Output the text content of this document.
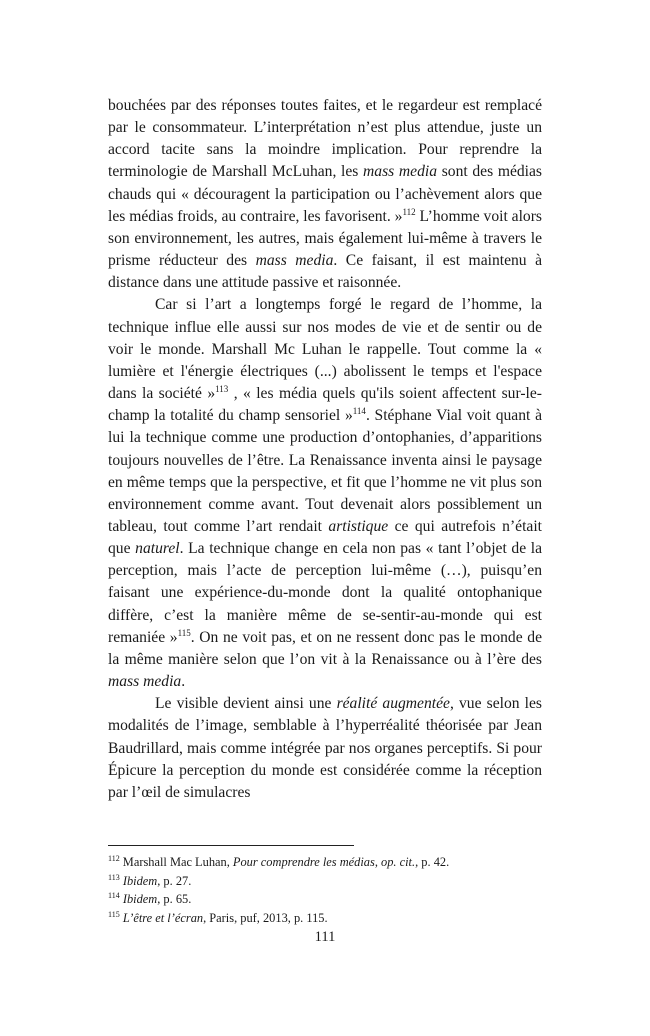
bouchées par des réponses toutes faites, et le regardeur est remplacé par le consommateur. L’interprétation n’est plus attendue, juste un accord tacite sans la moindre implication. Pour reprendre la terminologie de Marshall McLuhan, les mass media sont des médias chauds qui « découragent la participation ou l’achèvement alors que les médias froids, au contraire, les favorisent. »$^{112}$ L’homme voit alors son environnement, les autres, mais également lui-même à travers le prisme réducteur des mass media. Ce faisant, il est maintenu à distance dans une attitude passive et raisonnée.

Car si l’art a longtemps forgé le regard de l’homme, la technique influe elle aussi sur nos modes de vie et de sentir ou de voir le monde. Marshall Mc Luhan le rappelle. Tout comme la « lumière et l'énergie électriques (...) abolissent le temps et l'espace dans la société »$^{113}$ , « les média quels qu'ils soient affectent sur-le-champ la totalité du champ sensoriel »$^{114}$. Stéphane Vial voit quant à lui la technique comme une production d’ontophanies, d’apparitions toujours nouvelles de l’être. La Renaissance inventa ainsi le paysage en même temps que la perspective, et fit que l’homme ne vit plus son environnement comme avant. Tout devenait alors possiblement un tableau, tout comme l’art rendait artistique ce qui autrefois n’était que naturel. La technique change en cela non pas « tant l’objet de la perception, mais l’acte de perception lui-même (…), puisqu’en faisant une expérience-du-monde dont la qualité ontophanique diffère, c’est la manière même de se-sentir-au-monde qui est remaniée »$^{115}$. On ne voit pas, et on ne ressent donc pas le monde de la même manière selon que l’on vit à la Renaissance ou à l’ère des mass media.

Le visible devient ainsi une réalité augmentée, vue selon les modalités de l’image, semblable à l’hyperréalité théorisée par Jean Baudrillard, mais comme intégrée par nos organes perceptifs. Si pour Épicure la perception du monde est considérée comme la réception par l’œil de simulacres

$^{112}$ Marshall Mac Luhan, Pour comprendre les médias, op. cit., p. 42.
$^{113}$ Ibidem, p. 27.
$^{114}$ Ibidem, p. 65.
$^{115}$ L’être et l’écran, Paris, puf, 2013, p. 115.
111
